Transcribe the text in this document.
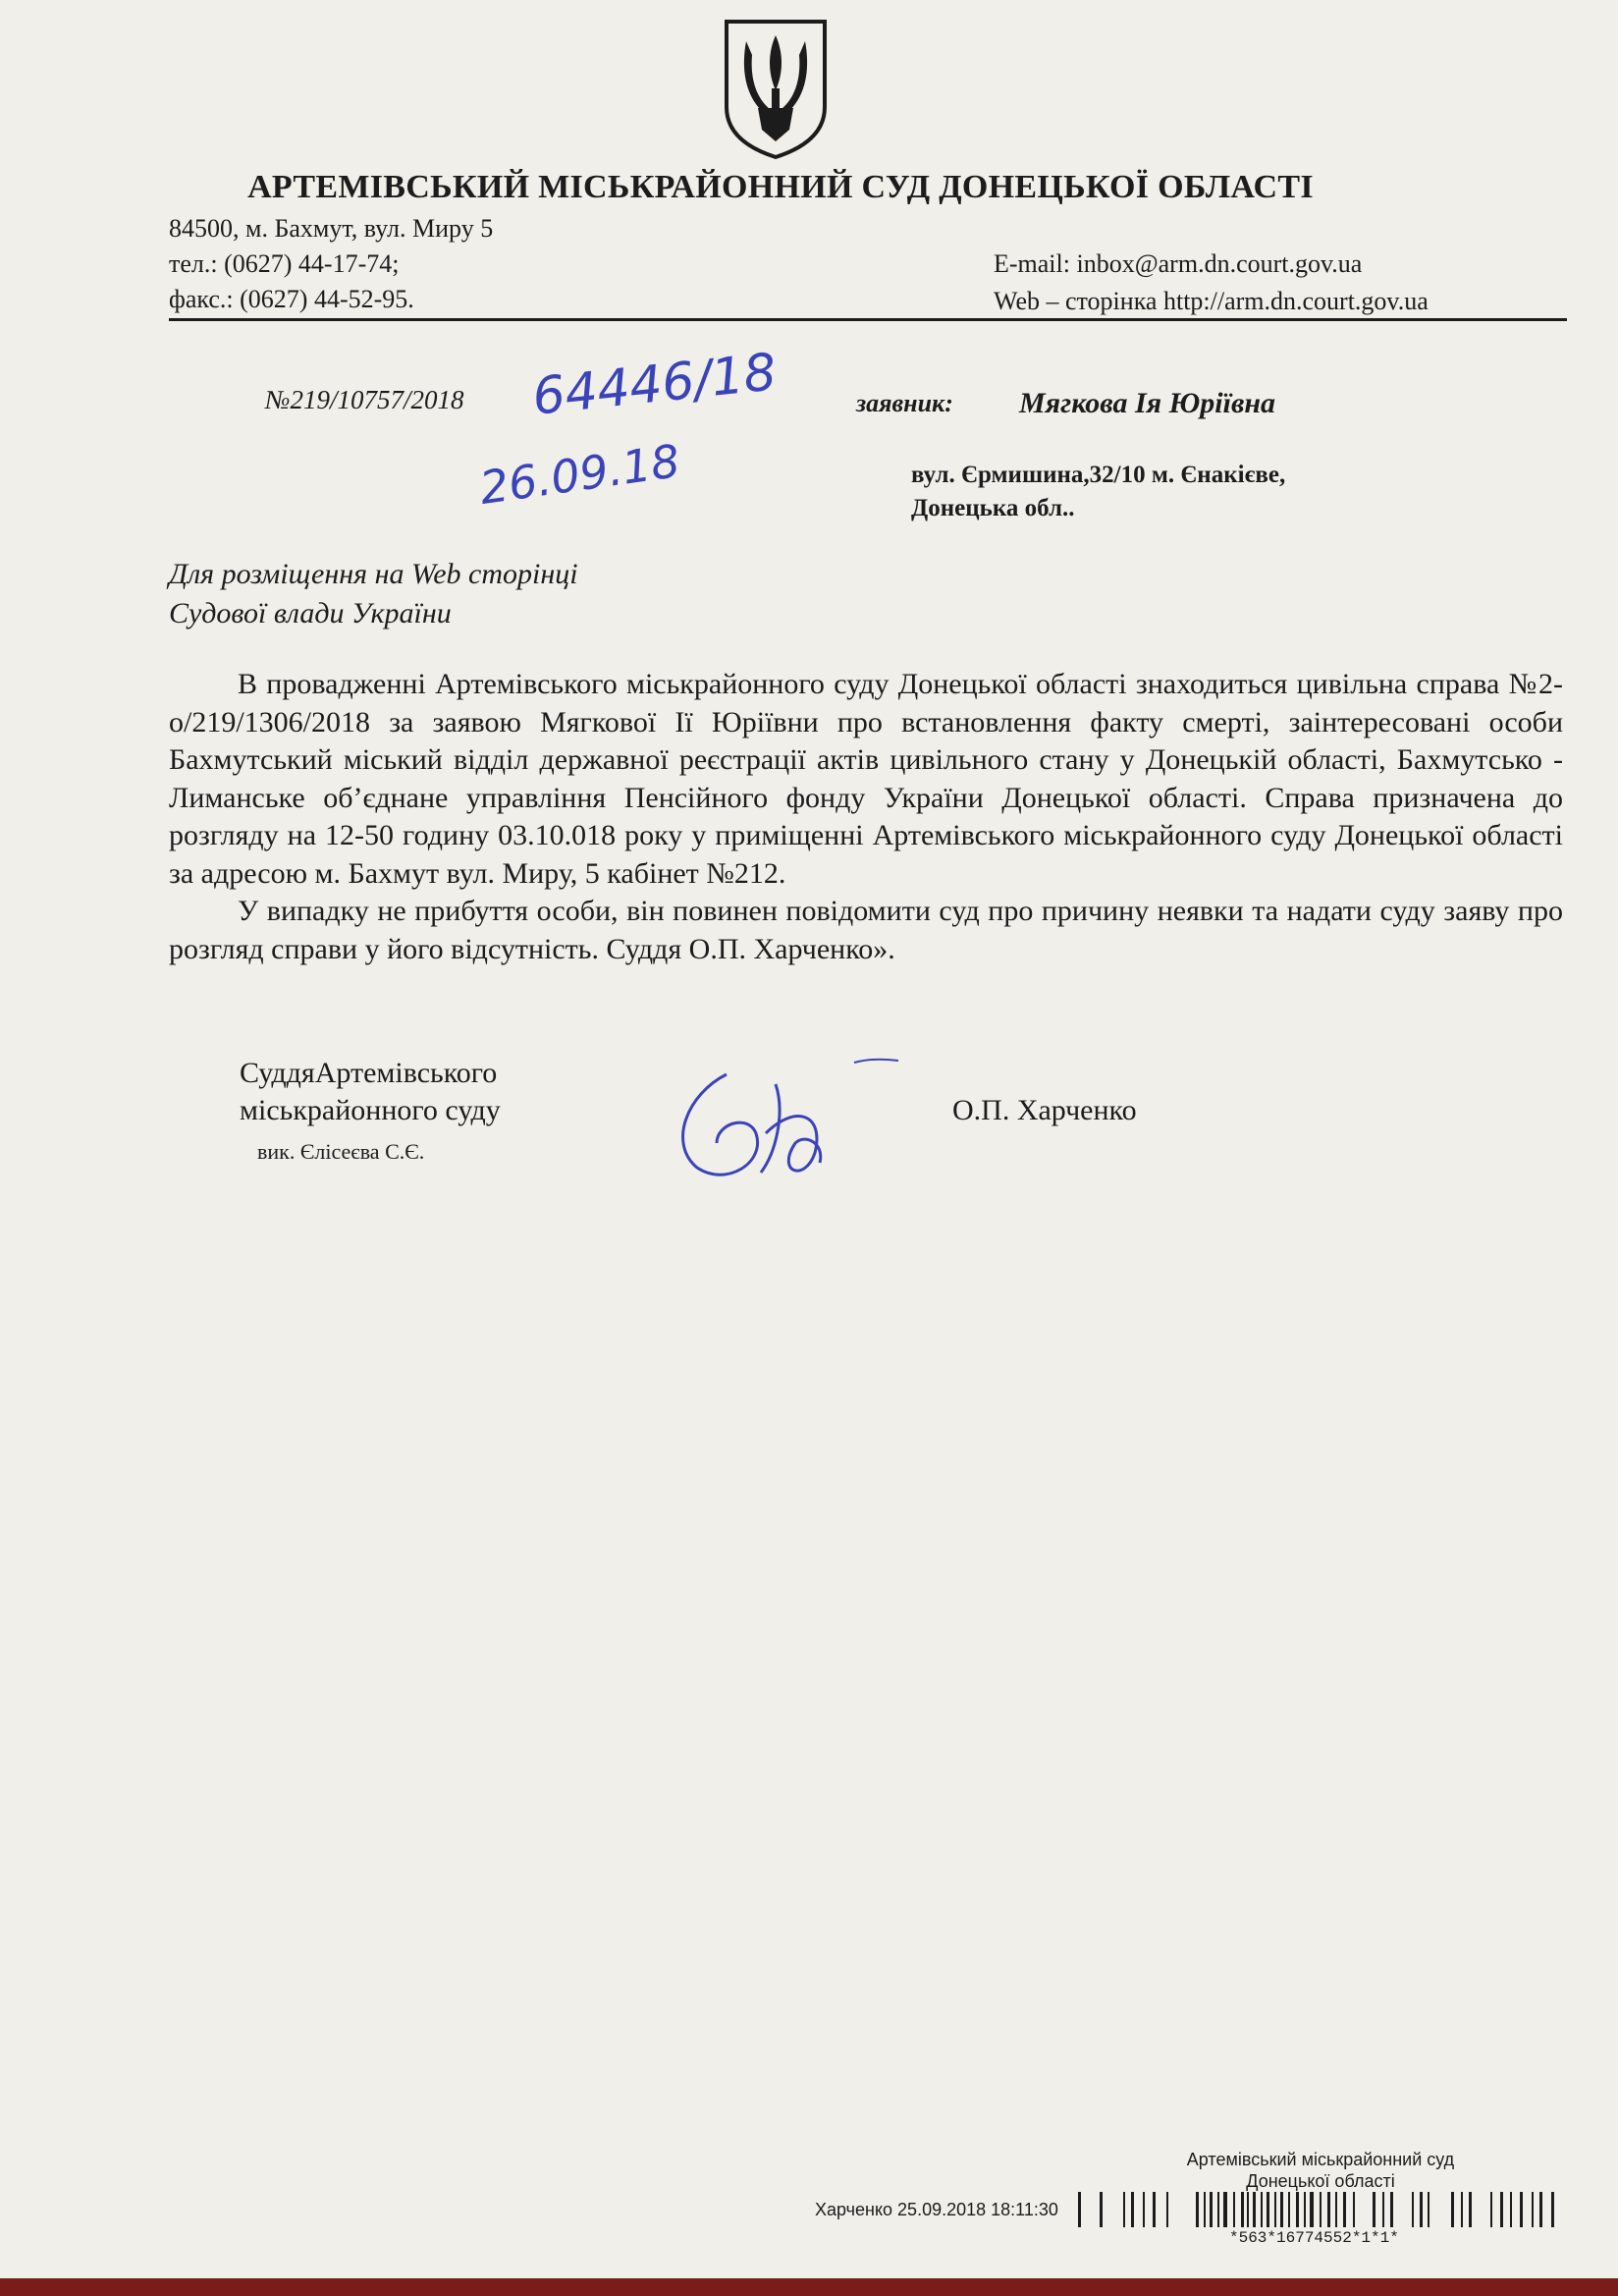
АРТЕМІВСЬКИЙ МІСЬКРАЙОННИЙ СУД ДОНЕЦЬКОЇ ОБЛАСТІ
84500, м. Бахмут, вул. Миру 5
тел.: (0627) 44-17-74;
факс.: (0627) 44-52-95.
E-mail: inbox@arm.dn.court.gov.ua
Web – сторінка http://arm.dn.court.gov.ua
№219/10757/2018 64446/18
26.09.18
заявник: Мягкова Ія Юріївна
вул. Єрмишина,32/10 м. Єнакієве,
Донецька обл..
Для розміщення на Web сторінці
Судової влади України

В провадженні Артемівського міськрайонного суду Донецької області знаходиться цивільна справа №2-о/219/1306/2018 за заявою Мягкової Ії Юріївни про встановлення факту смерті, заінтересовані особи Бахмутський міський відділ державної реєстрації актів цивільного стану у Донецькій області, Бахмутсько - Лиманське об’єднане управління Пенсійного фонду України Донецької області. Справа призначена до розгляду на 12-50 годину 03.10.018 року у приміщенні Артемівського міськрайонного суду Донецької області за адресою м. Бахмут вул. Миру, 5 кабінет №212.

У випадку не прибуття особи, він повинен повідомити суд про причину неявки та надати суду заяву про розгляд справи у його відсутність. Суддя О.П. Харченко».

СуддяАртемівського
міськрайонного суду
вик. Єлісеєва С.Є.
О.П. Харченко
Артемівський міськрайонний суд
Донецької області
Харченко 25.09.2018 18:11:30
*563*16774552*1*1*
